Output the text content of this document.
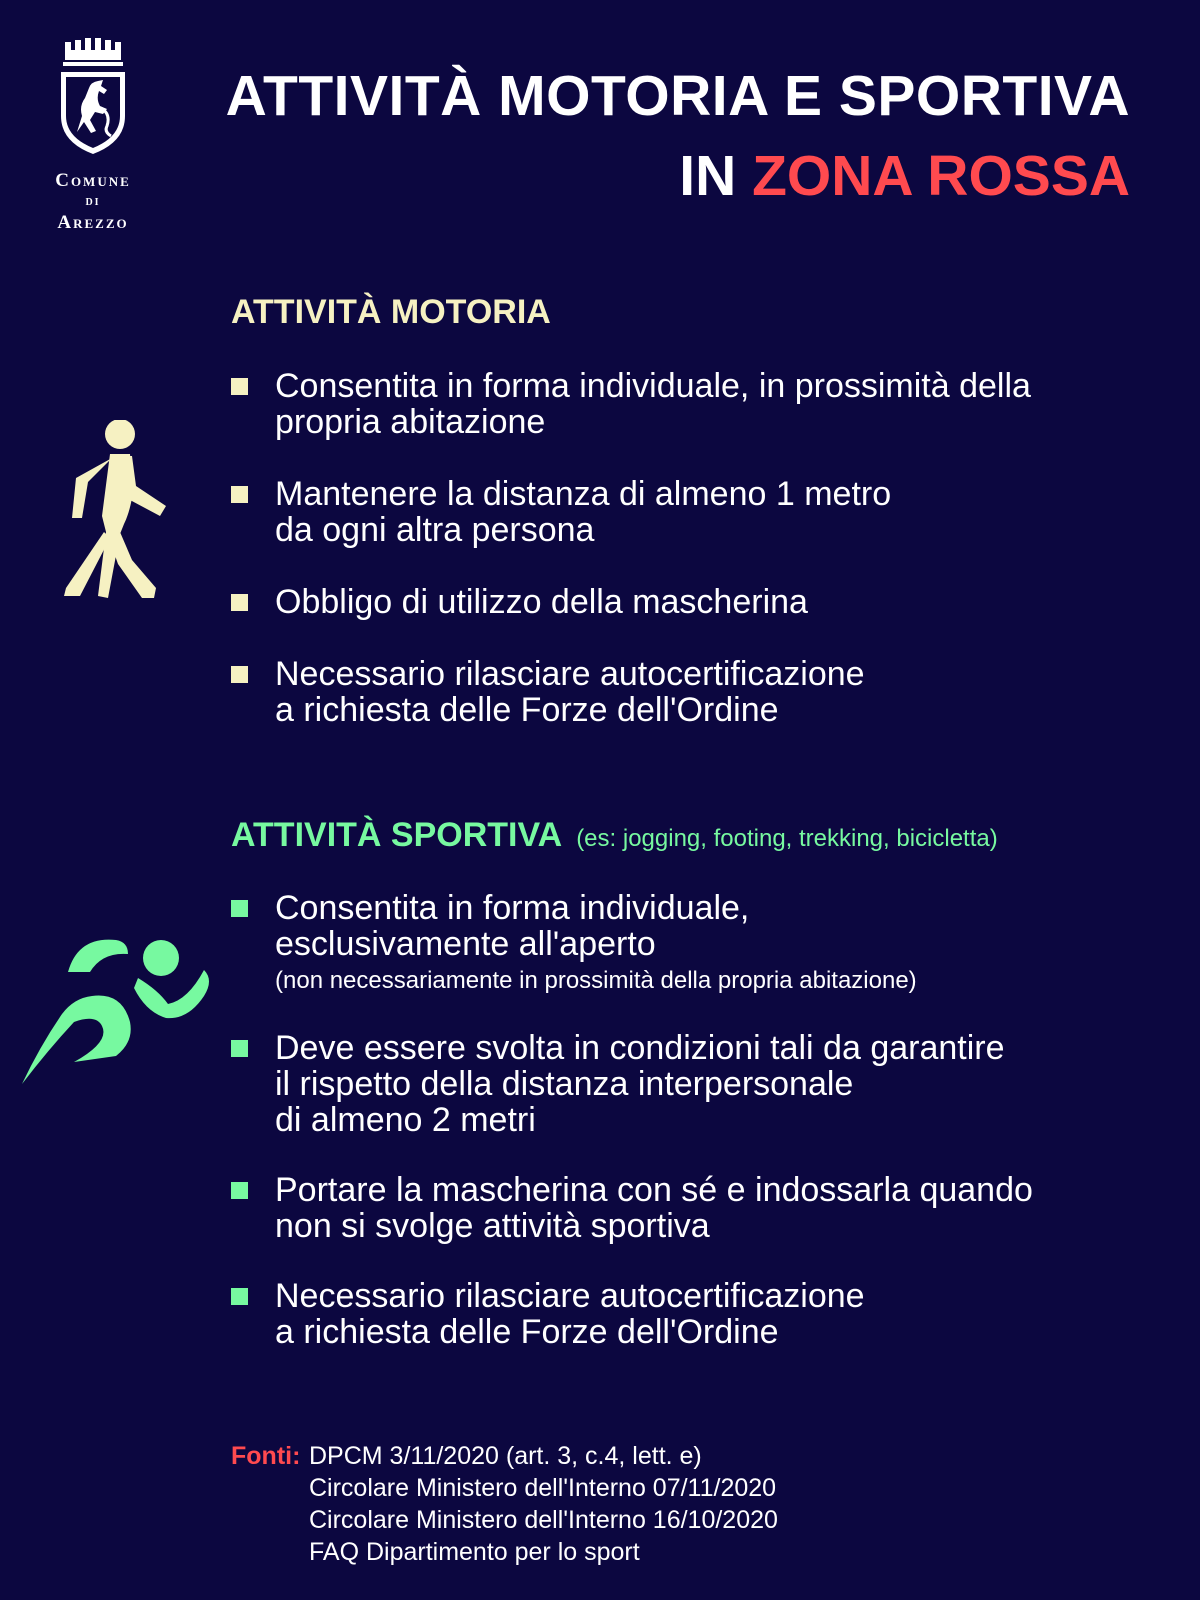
Comune
di
Arezzo
ATTIVITÀ MOTORIA E SPORTIVA
IN ZONA ROSSA
ATTIVITÀ MOTORIA
Consentita in forma individuale, in prossimità della
propria abitazione
Mantenere la distanza di almeno 1 metro
da ogni altra persona
Obbligo di utilizzo della mascherina
Necessario rilasciare autocertificazione
a richiesta delle Forze dell'Ordine
ATTIVITÀ SPORTIVA (es: jogging, footing, trekking, bicicletta)
Consentita in forma individuale,
esclusivamente all'aperto
(non necessariamente in prossimità della propria abitazione)
Deve essere svolta in condizioni tali da garantire
il rispetto della distanza interpersonale
di almeno 2 metri
Portare la mascherina con sé e indossarla quando
non si svolge attività sportiva
Necessario rilasciare autocertificazione
a richiesta delle Forze dell'Ordine
Fonti: DPCM 3/11/2020 (art. 3, c.4, lett. e)
Circolare Ministero dell'Interno 07/11/2020
Circolare Ministero dell'Interno 16/10/2020
FAQ Dipartimento per lo sport
